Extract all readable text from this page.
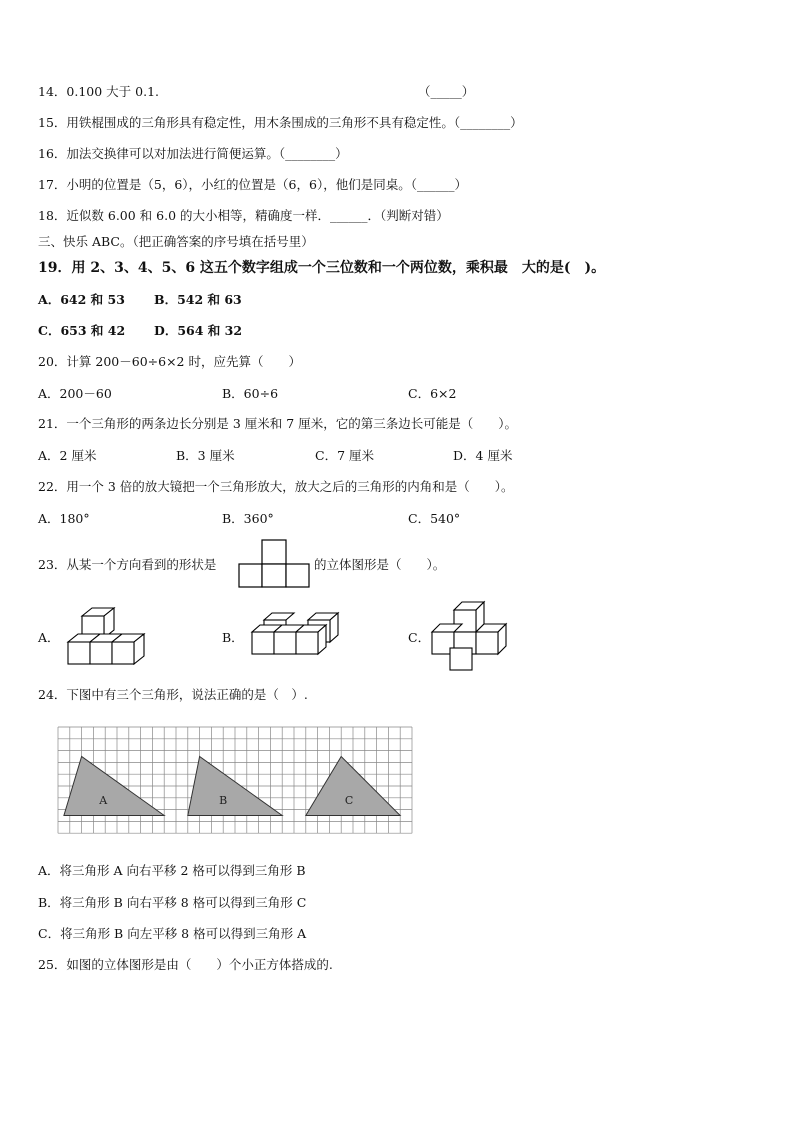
14．0.100 大于 0.1.	（_____）
15．用铁棍围成的三角形具有稳定性，用木条围成的三角形不具有稳定性。（________）
16．加法交换律可以对加法进行简便运算。（________）
17．小明的位置是（5，6），小红的位置是（6，6），他们是同桌。（______）
18．近似数 6.00 和 6.0 的大小相等，精确度一样．______．（判断对错）
三、快乐 ABC。（把正确答案的序号填在括号里）
19．用 2、3、4、5、6 这五个数字组成一个三位数和一个两位数，乘积最　大的是(　)。
A．642 和 53 B．542 和 63
C．653 和 42 D．564 和 32
20．计算 200－60÷6×2 时，应先算（　　）
A．200－60	B．60÷6	C．6×2
21．一个三角形的两条边长分别是 3 厘米和 7 厘米，它的第三条边长可能是（　　）。
A．2 厘米	B．3 厘米	C．7 厘米	D．4 厘米
22．用一个 3 倍的放大镜把一个三角形放大，放大之后的三角形的内角和是（　　）。
A．180°	B．360°	C．540°
23．从某一个方向看到的形状是	的立体图形是（　　）。
A．	B．	C．
24．下图中有三个三角形，说法正确的是（　）.
A	B	C
A．将三角形 A 向右平移 2 格可以得到三角形 B
B．将三角形 B 向右平移 8 格可以得到三角形 C
C．将三角形 B 向左平移 8 格可以得到三角形 A
25．如图的立体图形是由（　　）个小正方体搭成的.
